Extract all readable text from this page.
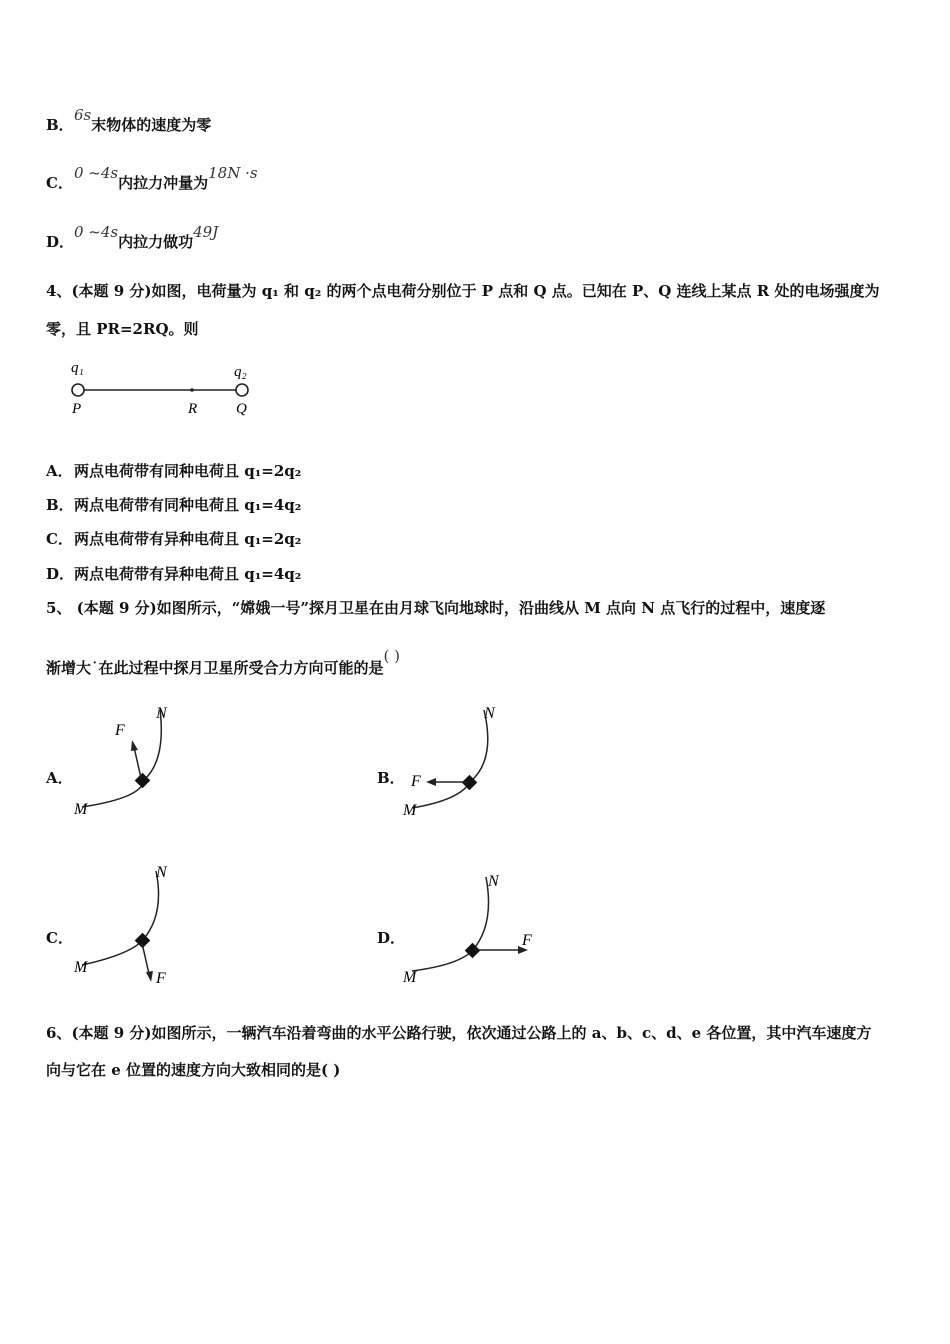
B．6s末物体的速度为零
C．0 ~4s内拉力冲量为18N ·s
D．0 ~4s内拉力做功49J
4、(本题 9 分)如图，电荷量为 q₁ 和 q₂ 的两个点电荷分别位于 P 点和 Q 点。已知在 P、Q 连线上某点 R 处的电场强度为
零，且 PR=2RQ。则
q₁	q₂
P	R	Q
A．两点电荷带有同种电荷且 q₁=2q₂
B．两点电荷带有同种电荷且 q₁=4q₂
C．两点电荷带有异种电荷且 q₁=2q₂
D．两点电荷带有异种电荷且 q₁=4q₂
5、 (本题 9 分)如图所示，“嫦娥一号”探月卫星在由月球飞向地球时，沿曲线从 M 点向 N 点飞行的过程中，速度逐
渐增大˙在此过程中探月卫星所受合力方向可能的是( )
A．
F
M
N
B． F
M
N
C．
F
M
N
D．	F
M
N
6、(本题 9 分)如图所示，一辆汽车沿着弯曲的水平公路行驶，依次通过公路上的 a、b、c、d、e 各位置，其中汽车速度方
向与它在 e 位置的速度方向大致相同的是( )
